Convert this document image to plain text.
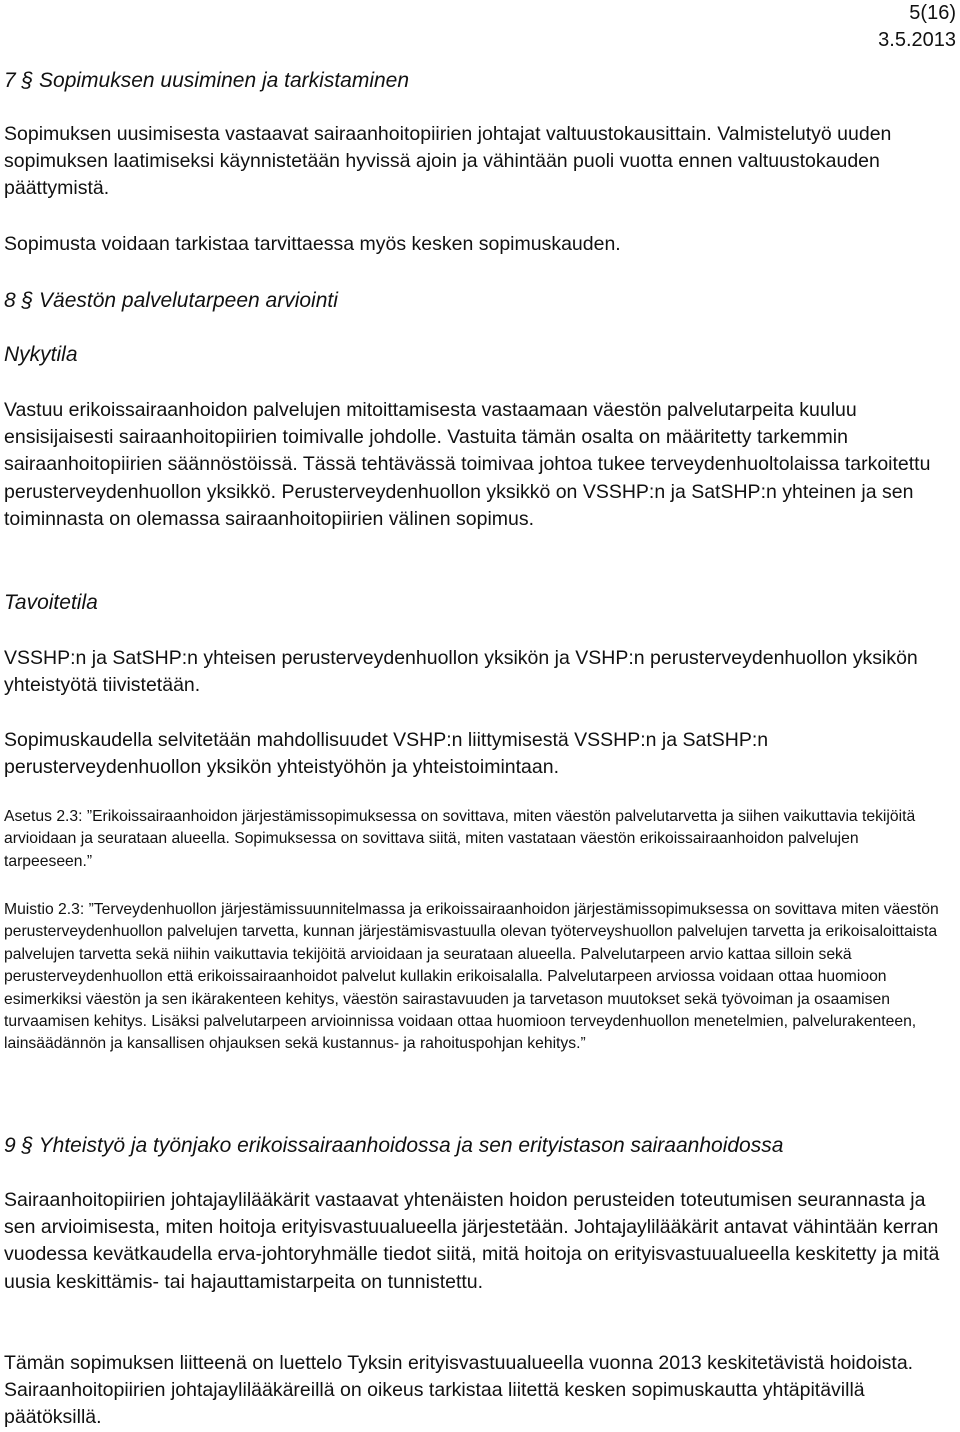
5(16)
3.5.2013
7 § Sopimuksen uusiminen ja tarkistaminen
Sopimuksen uusimisesta vastaavat sairaanhoitopiirien johtajat valtuustokausittain. Valmistelutyö uuden sopimuksen laatimiseksi käynnistetään hyvissä ajoin ja vähintään puoli vuotta ennen valtuustokauden päättymistä.
Sopimusta voidaan tarkistaa tarvittaessa myös kesken sopimuskauden.
8 § Väestön palvelutarpeen arviointi
Nykytila
Vastuu erikoissairaanhoidon palvelujen mitoittamisesta vastaamaan väestön palvelutarpeita kuuluu ensisijaisesti sairaanhoitopiirien toimivalle johdolle. Vastuita tämän osalta on määritetty tarkemmin sairaanhoitopiirien säännöstöissä. Tässä tehtävässä toimivaa johtoa tukee terveydenhuoltolaissa tarkoitettu perusterveydenhuollon yksikkö. Perusterveydenhuollon yksikkö on VSSHP:n ja SatSHP:n yhteinen ja sen toiminnasta on olemassa sairaanhoitopiirien välinen sopimus.
Tavoitetila
VSSHP:n ja SatSHP:n yhteisen perusterveydenhuollon yksikön ja VSHP:n perusterveydenhuollon yksikön yhteistyötä tiivistetään.
Sopimuskaudella selvitetään mahdollisuudet VSHP:n liittymisestä VSSHP:n ja SatSHP:n perusterveydenhuollon yksikön yhteistyöhön ja yhteistoimintaan.
Asetus 2.3: ”Erikoissairaanhoidon järjestämissopimuksessa on sovittava, miten väestön palvelutarvetta ja siihen vaikuttavia tekijöitä arvioidaan ja seurataan alueella. Sopimuksessa on sovittava siitä, miten vastataan väestön erikoissairaanhoidon palvelujen tarpeeseen.”
Muistio 2.3: ”Terveydenhuollon järjestämissuunnitelmassa ja erikoissairaanhoidon järjestämissopimuksessa on sovittava miten väestön perusterveydenhuollon palvelujen tarvetta, kunnan järjestämisvastuulla olevan työterveyshuollon palvelujen tarvetta ja erikoisaloittaista palvelujen tarvetta sekä niihin vaikuttavia tekijöitä arvioidaan ja seurataan alueella. Palvelutarpeen arvio kattaa silloin sekä perusterveydenhuollon että erikoissairaanhoidot palvelut kullakin erikoisalalla. Palvelutarpeen arviossa voidaan ottaa huomioon esimerkiksi väestön ja sen ikärakenteen kehitys, väestön sairastavuuden ja tarvetason muutokset sekä työvoiman ja osaamisen turvaamisen kehitys. Lisäksi palvelutarpeen arvioinnissa voidaan ottaa huomioon terveydenhuollon menetelmien, palvelurakenteen, lainsäädännön ja kansallisen ohjauksen sekä kustannus- ja rahoituspohjan kehitys.”
9 § Yhteistyö ja työnjako erikoissairaanhoidossa ja sen erityistason sairaanhoidossa
Sairaanhoitopiirien johtajaylilääkärit vastaavat yhtenäisten hoidon perusteiden toteutumisen seurannasta ja sen arvioimisesta, miten hoitoja erityisvastuualueella järjestetään. Johtajaylilääkärit antavat vähintään kerran vuodessa kevätkaudella erva-johtoryhmälle tiedot siitä, mitä hoitoja on erityisvastuualueella keskitetty ja mitä uusia keskittämis- tai hajauttamistarpeita on tunnistettu.
Tämän sopimuksen liitteenä on luettelo Tyksin erityisvastuualueella vuonna 2013 keskitetävistä hoidoista. Sairaanhoitopiirien johtajaylilääkäreillä on oikeus tarkistaa liitettä kesken sopimuskautta yhtäpitävillä päätöksillä.
